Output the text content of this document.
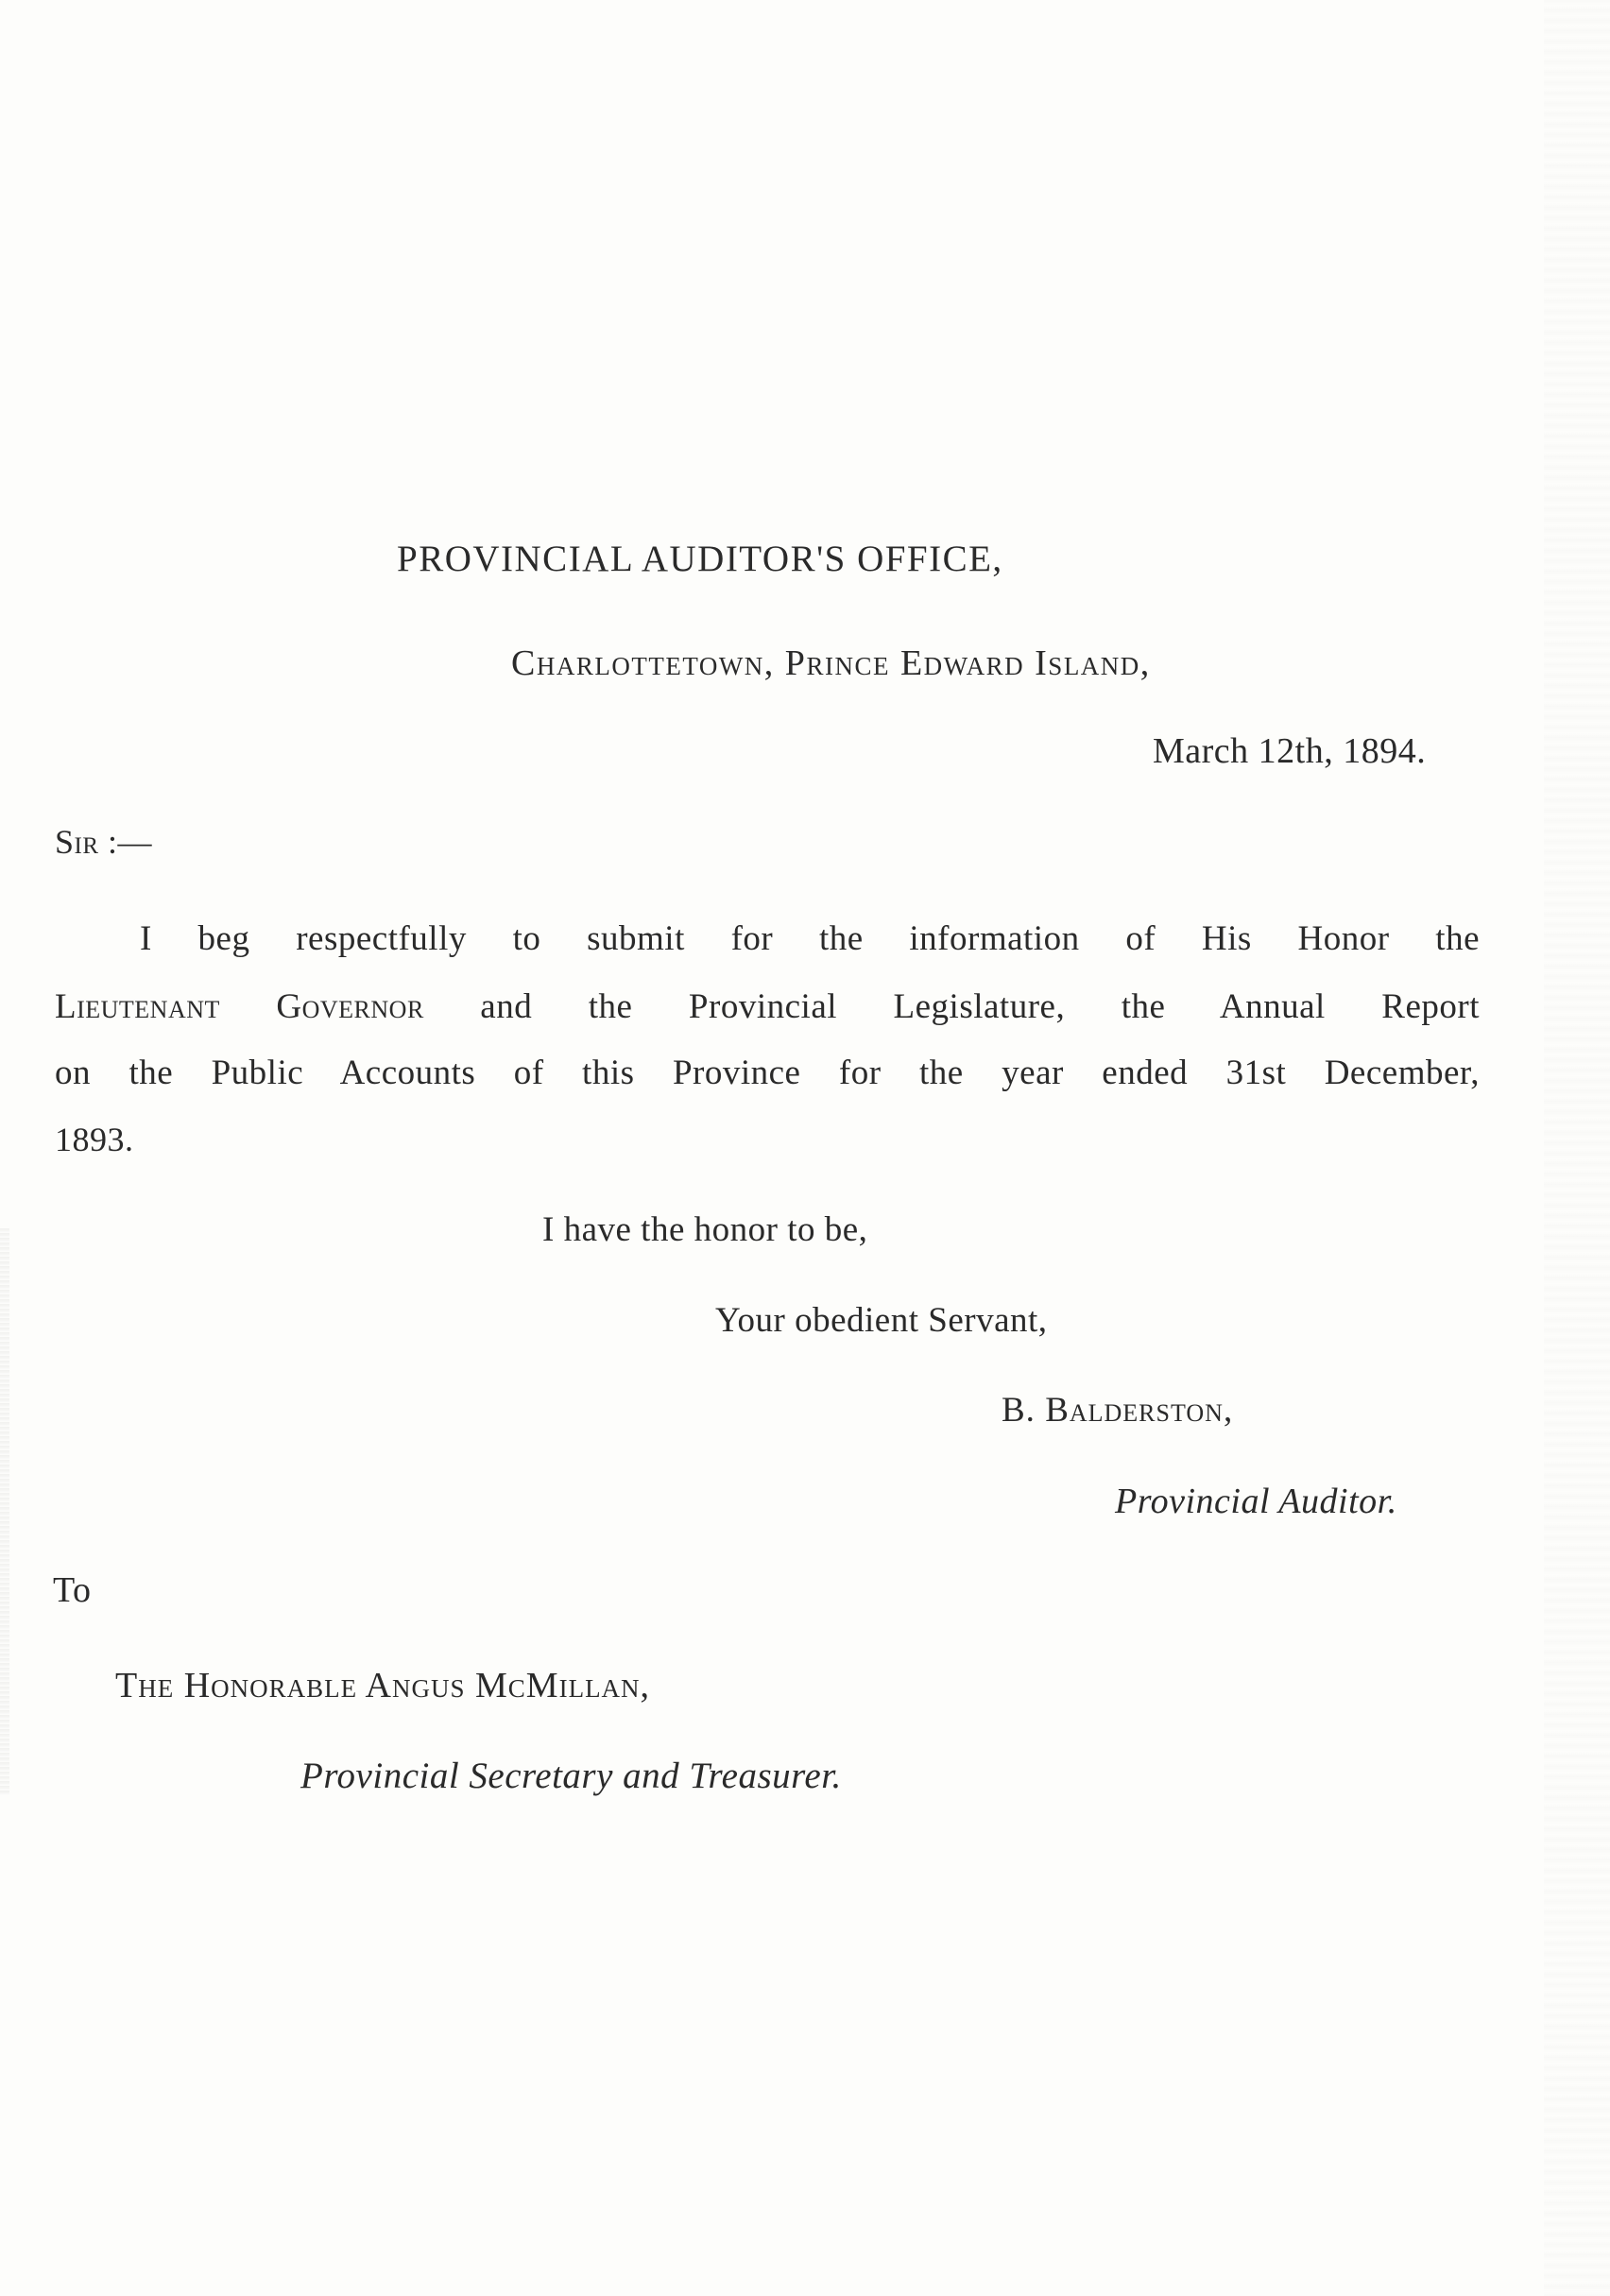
PROVINCIAL AUDITOR'S OFFICE,
Charlottetown, Prince Edward Island,
March 12th, 1894.
Sir :—
I beg respectfully to submit for the information of His Honor the
Lieutenant Governor and the Provincial Legislature, the Annual Report
on the Public Accounts of this Province for the year ended 31st December,
1893.
I have the honor to be,
Your obedient Servant,
B. Balderston,
Provincial Auditor.
To
The Honorable Angus McMillan,
Provincial Secretary and Treasurer.
